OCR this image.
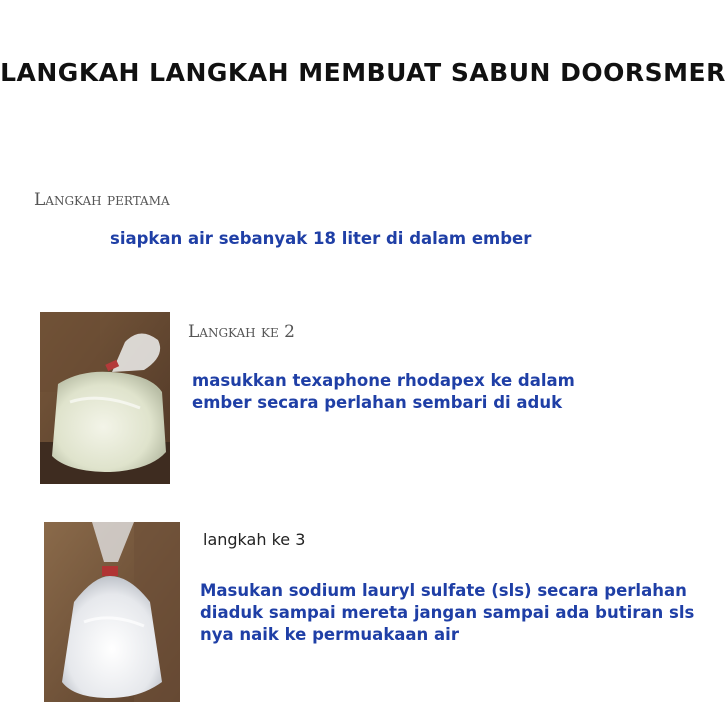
LANGKAH LANGKAH MEMBUAT SABUN DOORSMER
Langkah pertama
siapkan air sebanyak 18 liter di dalam ember
Langkah ke 2
masukkan texaphone rhodapex ke dalam
ember secara perlahan sembari di aduk
langkah ke 3
Masukan sodium lauryl sulfate (sls) secara perlahan
diaduk sampai mereta jangan sampai ada butiran sls
nya naik ke permuakaan air
